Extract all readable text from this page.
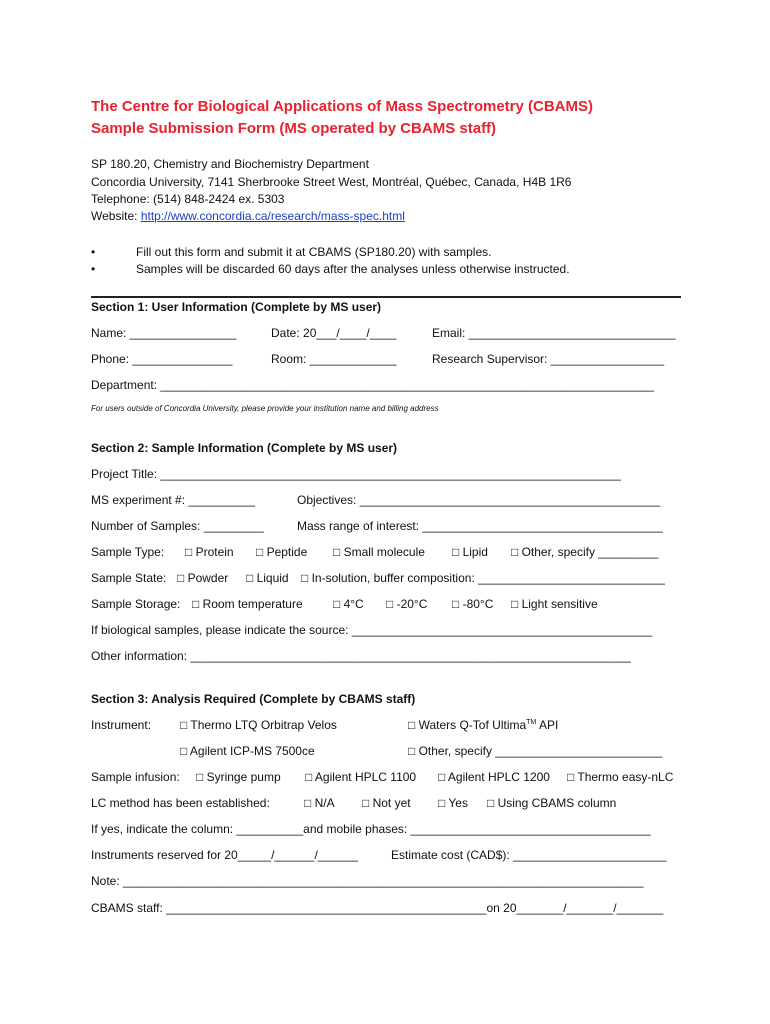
The Centre for Biological Applications of Mass Spectrometry (CBAMS)
Sample Submission Form (MS operated by CBAMS staff)
SP 180.20, Chemistry and Biochemistry Department
Concordia University, 7141 Sherbrooke Street West, Montréal, Québec, Canada, H4B 1R6
Telephone: (514) 848-2424 ex. 5303
Website: http://www.concordia.ca/research/mass-spec.html
•	Fill out this form and submit it at CBAMS (SP180.20) with samples.
•	Samples will be discarded 60 days after the analyses unless otherwise instructed.
Section 1: User Information (Complete by MS user)
Name: ________________	Date: 20___/____/____	Email: _______________________________
Phone: _______________	Room: _____________	Research Supervisor: _________________
Department: __________________________________________________________________________
For users outside of Concordia University, please provide your institution name and billing address
Section 2: Sample Information (Complete by MS user)
Project Title: _____________________________________________________________________
MS experiment #: __________	Objectives: _____________________________________________
Number of Samples: _________	Mass range of interest: ____________________________________
Sample Type: □ Protein □ Peptide □ Small molecule □ Lipid □ Other, specify _________
Sample State: □ Powder □ Liquid □ In-solution, buffer composition: ____________________________
Sample Storage: □ Room temperature	□ 4°C □ -20°C □ -80°C □ Light sensitive
If biological samples, please indicate the source: _____________________________________________
Other information: __________________________________________________________________
Section 3: Analysis Required (Complete by CBAMS staff)
Instrument: □ Thermo LTQ Orbitrap Velos	□ Waters Q-Tof Ultima™ API
□ Agilent ICP-MS 7500ce	□ Other, specify _________________________
Sample infusion: □ Syringe pump □ Agilent HPLC 1100 □ Agilent HPLC 1200 □ Thermo easy-nLC
LC method has been established:	□ N/A □ Not yet □ Yes □ Using CBAMS column
If yes, indicate the column: __________and mobile phases: ____________________________________
Instruments reserved for 20_____/______/______	Estimate cost (CAD$): _______________________
Note: ______________________________________________________________________________
CBAMS staff: ________________________________________________on 20_______/_______/_______
